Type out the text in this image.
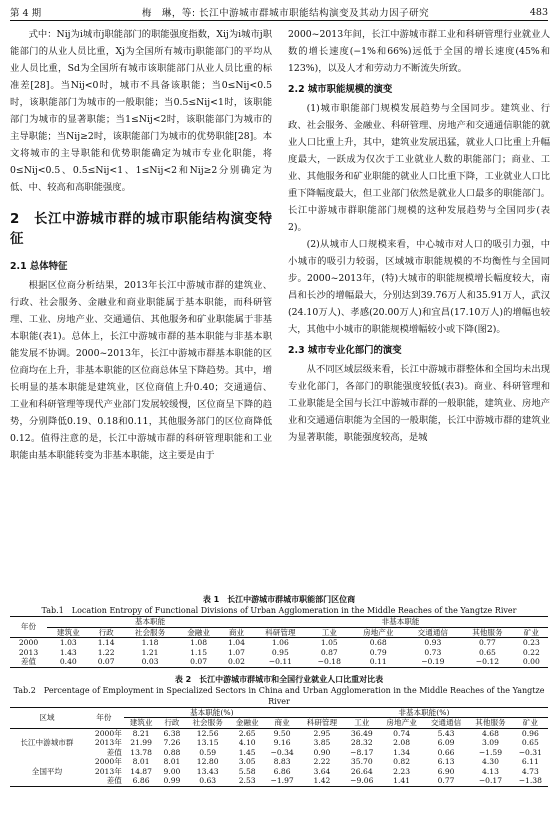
第 4 期	梅　琳，等: 长江中游城市群城市职能结构演变及其动力因子研究	483

式中：Nij为i城市j职能部门的职能强度指数，Xij为i城市j职能部门的从业人员比重，Xj为全国所有城市j职能部门的平均从业人员比重，Sd为全国所有城市该职能部门从业人员比重的标准差[28]。当Nij<0时，城市不具备该职能；当0≤Nij<0.5时，该职能部门为城市的一般职能；当0.5≤Nij<1时，该职能部门为城市的显著职能；当1≤Nij<2时，该职能部门为城市的主导职能；当Nij≥2时，该职能部门为城市的优势职能[28]。本文将城市的主导职能和优势职能确定为城市专业化职能，将0≤Nij<0.5、0.5≤Nij<1、1≤Nij<2和Nij≥2分别确定为低、中、较高和高职能强度。

2　长江中游城市群的城市职能结构演变特征
2.1 总体特征

根据区位商分析结果，2013年长江中游城市群的建筑业、行政、社会服务、金融业和商业职能属于基本职能，而科研管理、工业、房地产业、交通通信、其他服务和矿业职能属于非基本职能(表1)。总体上，长江中游城市群的基本职能与非基本职能发展不协调。2000~2013年，长江中游城市群基本职能的区位商均在上升，非基本职能的区位商总体呈下降趋势。其中，增长明显的基本职能是建筑业，区位商值上升0.40；交通通信、工业和科研管理等现代产业部门发展较缓慢，区位商呈下降的趋势，分别降低0.19、0.18和0.11，其他服务部门的区位商降低0.12。值得注意的是，长江中游城市群的科研管理职能和工业职能由基本职能转变为非基本职能，这主要是由于

2000~2013年间，长江中游城市群工业和科研管理行业就业人数的增长速度(−1%和66%)远低于全国的增长速度(45%和123%)，以及人才和劳动力不断流失所致。

2.2 城市职能规模的演变

(1)城市职能部门规模发展趋势与全国同步。建筑业、行政、社会服务、金融业、科研管理、房地产和交通通信职能的就业人口比重上升，其中，建筑业发展迅猛，就业人口比重上升幅度最大，一跃成为仅次于工业就业人数的职能部门；商业、工业、其他服务和矿业职能的就业人口比重下降，工业就业人口比重下降幅度最大，但工业部门依然是就业人口最多的职能部门。长江中游城市群职能部门规模的这种发展趋势与全国同步(表2)。

(2)从城市人口规模来看，中心城市对人口的吸引力强，中小城市的吸引力较弱，区域城市职能规模的不均衡性与全国同步。2000~2013年，(特)大城市的职能规模增长幅度较大，南昌和长沙的增幅最大，分别达到39.76万人和35.91万人，武汉(24.10万人)、孝感(20.00万人)和宜昌(17.10万人)的增幅也较大，其他中小城市的职能规模增幅较小或下降(图2)。

2.3 城市专业化部门的演变

从不同区域层级来看，长江中游城市群整体和全国均未出现专业化部门，各部门的职能强度较低(表3)。商业、科研管理和工业职能是全国与长江中游城市群的一般职能，建筑业、房地产业和交通通信职能为全国的一般职能，长江中游城市群的建筑业为显著职能，职能强度较高，是城

表 1　长江中游城市群城市职能部门区位商
Tab.1　Location Entropy of Functional Divisions of Urban Agglomeration in the Middle Reaches of the Yangtze River
年份	基本职能					非基本职能					
	建筑业	行政	社会服务	金融业	商业	科研管理	工业	房地产业	交通通信	其他服务	矿业
2000	1.03	1.14	1.18	1.08	1.04	1.06	1.05	0.68	0.93	0.77	0.23
2013	1.43	1.22	1.21	1.15	1.07	0.95	0.87	0.79	0.73	0.65	0.22
差值	0.40	0.07	0.03	0.07	0.02	−0.11	−0.18	0.11	−0.19	−0.12	0.00
表 2　长江中游城市群城市和全国行业就业人口比重对比表
Tab.2　Percentage of Employment in Specialized Sectors in China and Urban Agglomeration in the Middle Reaches of the Yangtze River
区域	年份	基本职能(%)					非基本职能(%)					
		建筑业	行政	社会服务	金融业	商业	科研管理	工业	房地产业	交通通信	其他服务	矿业
长江中游城市群	2000年	8.21	6.38	12.56	2.65	9.50	2.95	36.49	0.74	5.43	4.68	0.96
	2013年	21.99	7.26	13.15	4.10	9.16	3.85	28.32	2.08	6.09	3.09	0.65
	差值	13.78	0.88	0.59	1.45	−0.34	0.90	−8.17	1.34	0.66	−1.59	−0.31
全国平均	2000年	8.01	8.01	12.80	3.05	8.83	2.22	35.70	0.82	6.13	4.30	6.11
	2013年	14.87	9.00	13.43	5.58	6.86	3.64	26.64	2.23	6.90	4.13	4.73
	差值	6.86	0.99	0.63	2.53	−1.97	1.42	−9.06	1.41	0.77	−0.17	−1.38
